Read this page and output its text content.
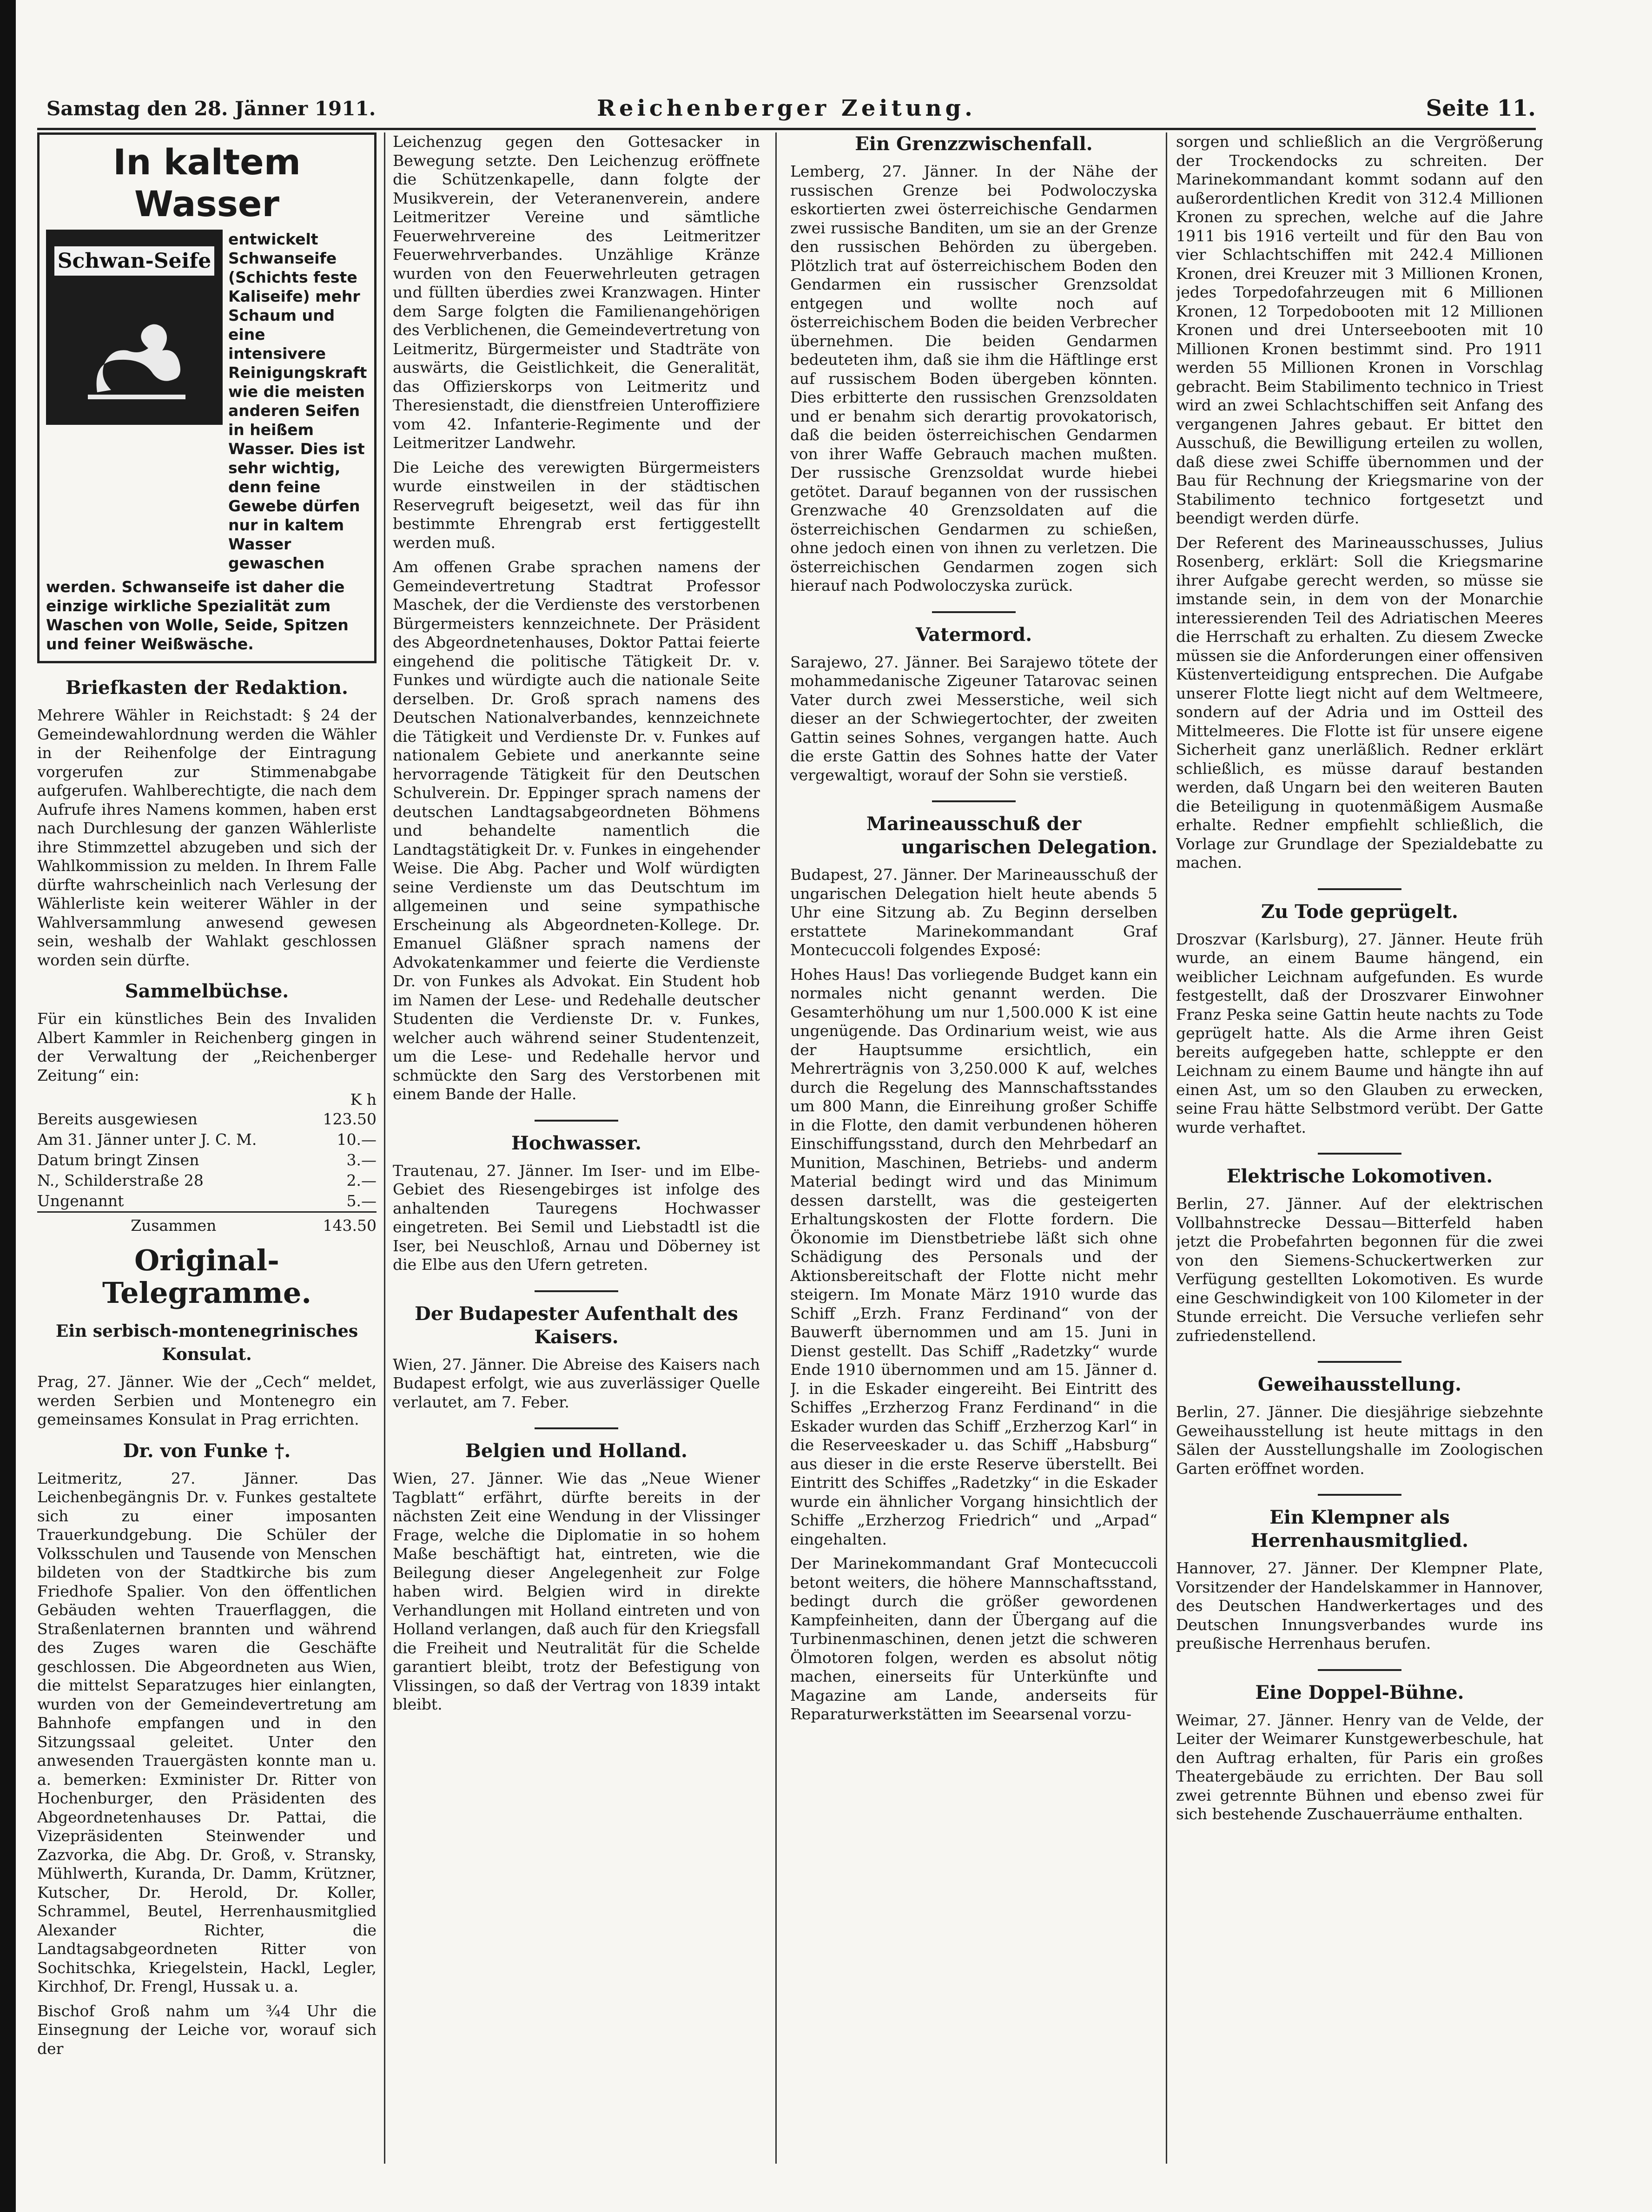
Samstag den 28. Jänner 1911.	Reichenberger Zeitung.	Seite 11.
In kaltem Wasser
Schwan-Seife
entwickelt Schwanseife (Schichts feste Kaliseife) mehr Schaum und eine intensivere Reinigungskraft wie die meisten anderen Seifen in heißem Wasser. Dies ist sehr wichtig, denn feine Gewebe dürfen nur in kaltem Wasser gewaschen
werden. Schwanseife ist daher die einzige wirkliche Spezialität zum Waschen von Wolle, Seide, Spitzen und feiner Weißwäsche.
Briefkasten der Redaktion.

Mehrere Wähler in Reichstadt: § 24 der Gemeindewahlordnung werden die Wähler in der Reihenfolge der Eintragung vorgerufen zur Stimmenabgabe aufgerufen. Wahlberechtigte, die nach dem Aufrufe ihres Namens kommen, haben erst nach Durchlesung der ganzen Wählerliste ihre Stimmzettel abzugeben und sich der Wahlkommission zu melden. In Ihrem Falle dürfte wahrscheinlich nach Verlesung der Wählerliste kein weiterer Wähler in der Wahlversammlung anwesend gewesen sein, weshalb der Wahlakt geschlossen worden sein dürfte.

Sammelbüchse.

Für ein künstliches Bein des Invaliden Albert Kammler in Reichenberg gingen in der Verwaltung der „Reichenberger Zeitung“ ein:

K h

Bereits ausgewiesen	123.50
Am 31. Jänner unter J. C. M.	10.—
Datum bringt Zinsen	3.—
N., Schilderstraße 28	2.—
Ungenannt	5.—
Zusammen	143.50
Original-Telegramme.
Ein serbisch-montenegrinisches Konsulat.

Prag, 27. Jänner. Wie der „Cech“ meldet, werden Serbien und Montenegro ein gemeinsames Konsulat in Prag errichten.

Dr. von Funke †.

Leitmeritz, 27. Jänner. Das Leichenbegängnis Dr. v. Funkes gestaltete sich zu einer imposanten Trauerkundgebung. Die Schüler der Volksschulen und Tausende von Menschen bildeten von der Stadtkirche bis zum Friedhofe Spalier. Von den öffentlichen Gebäuden wehten Trauerflaggen, die Straßenlaternen brannten und während des Zuges waren die Geschäfte geschlossen. Die Abgeordneten aus Wien, die mittelst Separatzuges hier einlangten, wurden von der Gemeindevertretung am Bahnhofe empfangen und in den Sitzungssaal geleitet. Unter den anwesenden Trauergästen konnte man u. a. bemerken: Exminister Dr. Ritter von Hochenburger, den Präsidenten des Abgeordnetenhauses Dr. Pattai, die Vizepräsidenten Steinwender und Zazvorka, die Abg. Dr. Groß, v. Stransky, Mühlwerth, Kuranda, Dr. Damm, Krützner, Kutscher, Dr. Herold, Dr. Koller, Schrammel, Beutel, Herrenhausmitglied Alexander Richter, die Landtagsabgeordneten Ritter von Sochitschka, Kriegelstein, Hackl, Legler, Kirchhof, Dr. Frengl, Hussak u. a.

Bischof Groß nahm um ¾4 Uhr die Einsegnung der Leiche vor, worauf sich der

Leichenzug gegen den Gottesacker in Bewegung setzte. Den Leichenzug eröffnete die Schützenkapelle, dann folgte der Musikverein, der Veteranenverein, andere Leitmeritzer Vereine und sämtliche Feuerwehrvereine des Leitmeritzer Feuerwehrverbandes. Unzählige Kränze wurden von den Feuerwehrleuten getragen und füllten überdies zwei Kranzwagen. Hinter dem Sarge folgten die Familienangehörigen des Verblichenen, die Gemeindevertretung von Leitmeritz, Bürgermeister und Stadträte von auswärts, die Geistlichkeit, die Generalität, das Offizierskorps von Leitmeritz und Theresienstadt, die dienstfreien Unteroffiziere vom 42. Infanterie-Regimente und der Leitmeritzer Landwehr.

Die Leiche des verewigten Bürgermeisters wurde einstweilen in der städtischen Reservegruft beigesetzt, weil das für ihn bestimmte Ehrengrab erst fertiggestellt werden muß.

Am offenen Grabe sprachen namens der Gemeindevertretung Stadtrat Professor Maschek, der die Verdienste des verstorbenen Bürgermeisters kennzeichnete. Der Präsident des Abgeordnetenhauses, Doktor Pattai feierte eingehend die politische Tätigkeit Dr. v. Funkes und würdigte auch die nationale Seite derselben. Dr. Groß sprach namens des Deutschen Nationalverbandes, kennzeichnete die Tätigkeit und Verdienste Dr. v. Funkes auf nationalem Gebiete und anerkannte seine hervorragende Tätigkeit für den Deutschen Schulverein. Dr. Eppinger sprach namens der deutschen Landtagsabgeordneten Böhmens und behandelte namentlich die Landtagstätigkeit Dr. v. Funkes in eingehender Weise. Die Abg. Pacher und Wolf würdigten seine Verdienste um das Deutschtum im allgemeinen und seine sympathische Erscheinung als Abgeordneten-Kollege. Dr. Emanuel Gläßner sprach namens der Advokatenkammer und feierte die Verdienste Dr. von Funkes als Advokat. Ein Student hob im Namen der Lese- und Redehalle deutscher Studenten die Verdienste Dr. v. Funkes, welcher auch während seiner Studentenzeit, um die Lese- und Redehalle hervor und schmückte den Sarg des Verstorbenen mit einem Bande der Halle.

Hochwasser.

Trautenau, 27. Jänner. Im Iser- und im Elbe-Gebiet des Riesengebirges ist infolge des anhaltenden Tauregens Hochwasser eingetreten. Bei Semil und Liebstadtl ist die Iser, bei Neuschloß, Arnau und Döberney ist die Elbe aus den Ufern getreten.

Der Budapester Aufenthalt des Kaisers.

Wien, 27. Jänner. Die Abreise des Kaisers nach Budapest erfolgt, wie aus zuverlässiger Quelle verlautet, am 7. Feber.

Belgien und Holland.

Wien, 27. Jänner. Wie das „Neue Wiener Tagblatt“ erfährt, dürfte bereits in der nächsten Zeit eine Wendung in der Vlissinger Frage, welche die Diplomatie in so hohem Maße beschäftigt hat, eintreten, wie die Beilegung dieser Angelegenheit zur Folge haben wird. Belgien wird in direkte Verhandlungen mit Holland eintreten und von Holland verlangen, daß auch für den Kriegsfall die Freiheit und Neutralität für die Schelde garantiert bleibt, trotz der Befestigung von Vlissingen, so daß der Vertrag von 1839 intakt bleibt.

Ein Grenzzwischenfall.

Lemberg, 27. Jänner. In der Nähe der russischen Grenze bei Podwoloczyska eskortierten zwei österreichische Gendarmen zwei russische Banditen, um sie an der Grenze den russischen Behörden zu übergeben. Plötzlich trat auf österreichischem Boden den Gendarmen ein russischer Grenzsoldat entgegen und wollte noch auf österreichischem Boden die beiden Verbrecher übernehmen. Die beiden Gendarmen bedeuteten ihm, daß sie ihm die Häftlinge erst auf russischem Boden übergeben könnten. Dies erbitterte den russischen Grenzsoldaten und er benahm sich derartig provokatorisch, daß die beiden österreichischen Gendarmen von ihrer Waffe Gebrauch machen mußten. Der russische Grenzsoldat wurde hiebei getötet. Darauf begannen von der russischen Grenzwache 40 Grenzsoldaten auf die österreichischen Gendarmen zu schießen, ohne jedoch einen von ihnen zu verletzen. Die österreichischen Gendarmen zogen sich hierauf nach Podwoloczyska zurück.

Vatermord.

Sarajewo, 27. Jänner. Bei Sarajewo tötete der mohammedanische Zigeuner Tatarovac seinen Vater durch zwei Messerstiche, weil sich dieser an der Schwiegertochter, der zweiten Gattin seines Sohnes, vergangen hatte. Auch die erste Gattin des Sohnes hatte der Vater vergewaltigt, worauf der Sohn sie verstieß.

Marineausschuß der
ungarischen Delegation.

Budapest, 27. Jänner. Der Marineausschuß der ungarischen Delegation hielt heute abends 5 Uhr eine Sitzung ab. Zu Beginn derselben erstattete Marinekommandant Graf Montecuccoli folgendes Exposé:

Hohes Haus! Das vorliegende Budget kann ein normales nicht genannt werden. Die Gesamterhöhung um nur 1,500.000 K ist eine ungenügende. Das Ordinarium weist, wie aus der Hauptsumme ersichtlich, ein Mehrerträgnis von 3,250.000 K auf, welches durch die Regelung des Mannschaftsstandes um 800 Mann, die Einreihung großer Schiffe in die Flotte, den damit verbundenen höheren Einschiffungsstand, durch den Mehrbedarf an Munition, Maschinen, Betriebs- und anderm Material bedingt wird und das Minimum dessen darstellt, was die gesteigerten Erhaltungskosten der Flotte fordern. Die Ökonomie im Dienstbetriebe läßt sich ohne Schädigung des Personals und der Aktionsbereitschaft der Flotte nicht mehr steigern. Im Monate März 1910 wurde das Schiff „Erzh. Franz Ferdinand“ von der Bauwerft übernommen und am 15. Juni in Dienst gestellt. Das Schiff „Radetzky“ wurde Ende 1910 übernommen und am 15. Jänner d. J. in die Eskader eingereiht. Bei Eintritt des Schiffes „Erzherzog Franz Ferdinand“ in die Eskader wurden das Schiff „Erzherzog Karl“ in die Reserveeskader u. das Schiff „Habsburg“ aus dieser in die erste Reserve überstellt. Bei Eintritt des Schiffes „Radetzky“ in die Eskader wurde ein ähnlicher Vorgang hinsichtlich der Schiffe „Erzherzog Friedrich“ und „Arpad“ eingehalten.

Der Marinekommandant Graf Montecuccoli betont weiters, die höhere Mannschaftsstand, bedingt durch die größer gewordenen Kampfeinheiten, dann der Übergang auf die Turbinenmaschinen, denen jetzt die schweren Ölmotoren folgen, werden es absolut nötig machen, einerseits für Unterkünfte und Magazine am Lande, anderseits für Reparaturwerkstätten im Seearsenal vorzu-

sorgen und schließlich an die Vergrößerung der Trockendocks zu schreiten. Der Marinekommandant kommt sodann auf den außerordentlichen Kredit von 312.4 Millionen Kronen zu sprechen, welche auf die Jahre 1911 bis 1916 verteilt und für den Bau von vier Schlachtschiffen mit 242.4 Millionen Kronen, drei Kreuzer mit 3 Millionen Kronen, jedes Torpedofahrzeugen mit 6 Millionen Kronen, 12 Torpedobooten mit 12 Millionen Kronen und drei Unterseebooten mit 10 Millionen Kronen bestimmt sind. Pro 1911 werden 55 Millionen Kronen in Vorschlag gebracht. Beim Stabilimento technico in Triest wird an zwei Schlachtschiffen seit Anfang des vergangenen Jahres gebaut. Er bittet den Ausschuß, die Bewilligung erteilen zu wollen, daß diese zwei Schiffe übernommen und der Bau für Rechnung der Kriegsmarine von der Stabilimento technico fortgesetzt und beendigt werden dürfe.

Der Referent des Marineausschusses, Julius Rosenberg, erklärt: Soll die Kriegsmarine ihrer Aufgabe gerecht werden, so müsse sie imstande sein, in dem von der Monarchie interessierenden Teil des Adriatischen Meeres die Herrschaft zu erhalten. Zu diesem Zwecke müssen sie die Anforderungen einer offensiven Küstenverteidigung entsprechen. Die Aufgabe unserer Flotte liegt nicht auf dem Weltmeere, sondern auf der Adria und im Ostteil des Mittelmeeres. Die Flotte ist für unsere eigene Sicherheit ganz unerläßlich. Redner erklärt schließlich, es müsse darauf bestanden werden, daß Ungarn bei den weiteren Bauten die Beteiligung in quotenmäßigem Ausmaße erhalte. Redner empfiehlt schließlich, die Vorlage zur Grundlage der Spezialdebatte zu machen.

Zu Tode geprügelt.

Droszvar (Karlsburg), 27. Jänner. Heute früh wurde, an einem Baume hängend, ein weiblicher Leichnam aufgefunden. Es wurde festgestellt, daß der Droszvarer Einwohner Franz Peska seine Gattin heute nachts zu Tode geprügelt hatte. Als die Arme ihren Geist bereits aufgegeben hatte, schleppte er den Leichnam zu einem Baume und hängte ihn auf einen Ast, um so den Glauben zu erwecken, seine Frau hätte Selbstmord verübt. Der Gatte wurde verhaftet.

Elektrische Lokomotiven.

Berlin, 27. Jänner. Auf der elektrischen Vollbahnstrecke Dessau—Bitterfeld haben jetzt die Probefahrten begonnen für die zwei von den Siemens-Schuckertwerken zur Verfügung gestellten Lokomotiven. Es wurde eine Geschwindigkeit von 100 Kilometer in der Stunde erreicht. Die Versuche verliefen sehr zufriedenstellend.

Geweihausstellung.

Berlin, 27. Jänner. Die diesjährige siebzehnte Geweihausstellung ist heute mittags in den Sälen der Ausstellungshalle im Zoologischen Garten eröffnet worden.

Ein Klempner als Herrenhausmitglied.

Hannover, 27. Jänner. Der Klempner Plate, Vorsitzender der Handelskammer in Hannover, des Deutschen Handwerkertages und des Deutschen Innungsverbandes wurde ins preußische Herrenhaus berufen.

Eine Doppel-Bühne.

Weimar, 27. Jänner. Henry van de Velde, der Leiter der Weimarer Kunstgewerbeschule, hat den Auftrag erhalten, für Paris ein großes Theatergebäude zu errichten. Der Bau soll zwei getrennte Bühnen und ebenso zwei für sich bestehende Zuschauerräume enthalten.
